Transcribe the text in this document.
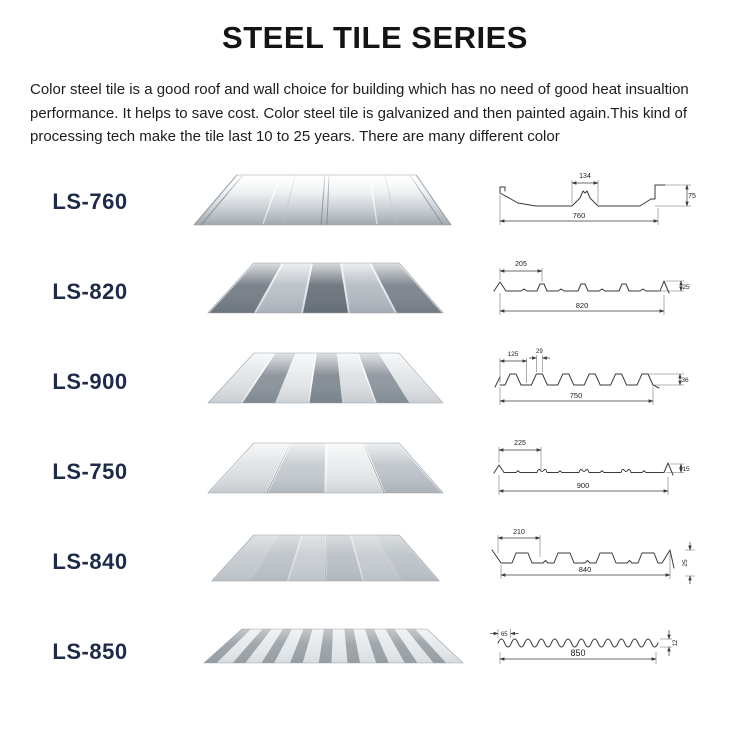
STEEL TILE SERIES

Color steel tile is a good roof and wall choice for building which has no need of good heat insualtion performance. It helps to save cost. Color steel tile is galvanized and then painted again.This kind of processing tech make the tile last 10 to 25 years. There are many different color

LS-760
134
75
760
LS-820
205
25
820
LS-900
125	29
36
750
LS-750
225
15
900
LS-840
210
840
25
LS-850
65
850
12
